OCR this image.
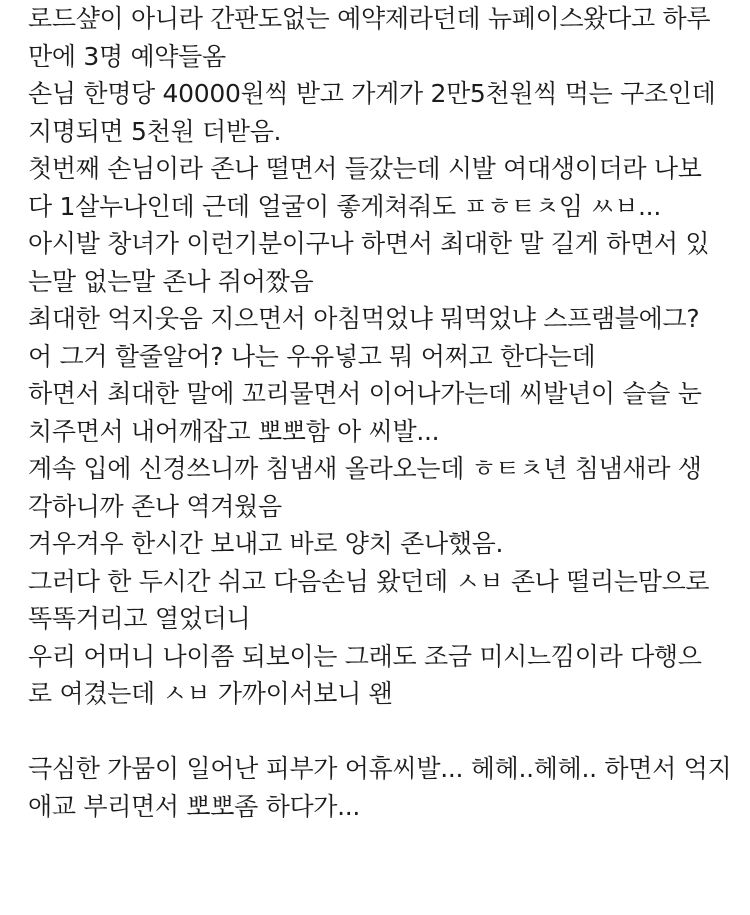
로드샾이 아니라 간판도없는 예약제라던데 뉴페이스왔다고 하루
만에 3명 예약들옴
손님 한명당 40000원씩 받고 가게가 2만5천원씩 먹는 구조인데
지명되면 5천원 더받음.
첫번째 손님이라 존나 떨면서 들갔는데 시발 여대생이더라 나보
다 1살누나인데 근데 얼굴이 좋게쳐줘도 ㅍㅎㅌㅊ임 ㅆㅂ...
아시발 창녀가 이런기분이구나 하면서 최대한 말 길게 하면서 있
는말 없는말 존나 쥐어짰음
최대한 억지웃음 지으면서 아침먹었냐 뭐먹었냐 스프램블에그?
어 그거 할줄알어? 나는 우유넣고 뭐 어쩌고 한다는데
하면서 최대한 말에 꼬리물면서 이어나가는데 씨발년이 슬슬 눈
치주면서 내어깨잡고 뽀뽀함 아 씨발...
계속 입에 신경쓰니까 침냄새 올라오는데 ㅎㅌㅊ년 침냄새라 생
각하니까 존나 역겨웠음
겨우겨우 한시간 보내고 바로 양치 존나했음.
그러다 한 두시간 쉬고 다음손님 왔던데 ㅅㅂ 존나 떨리는맘으로
똑똑거리고 열었더니
우리 어머니 나이쯤 되보이는 그래도 조금 미시느낌이라 다행으
로 여겼는데 ㅅㅂ 가까이서보니 왠
극심한 가뭄이 일어난 피부가 어휴씨발... 헤헤..헤헤.. 하면서 억지
애교 부리면서 뽀뽀좀 하다가...
